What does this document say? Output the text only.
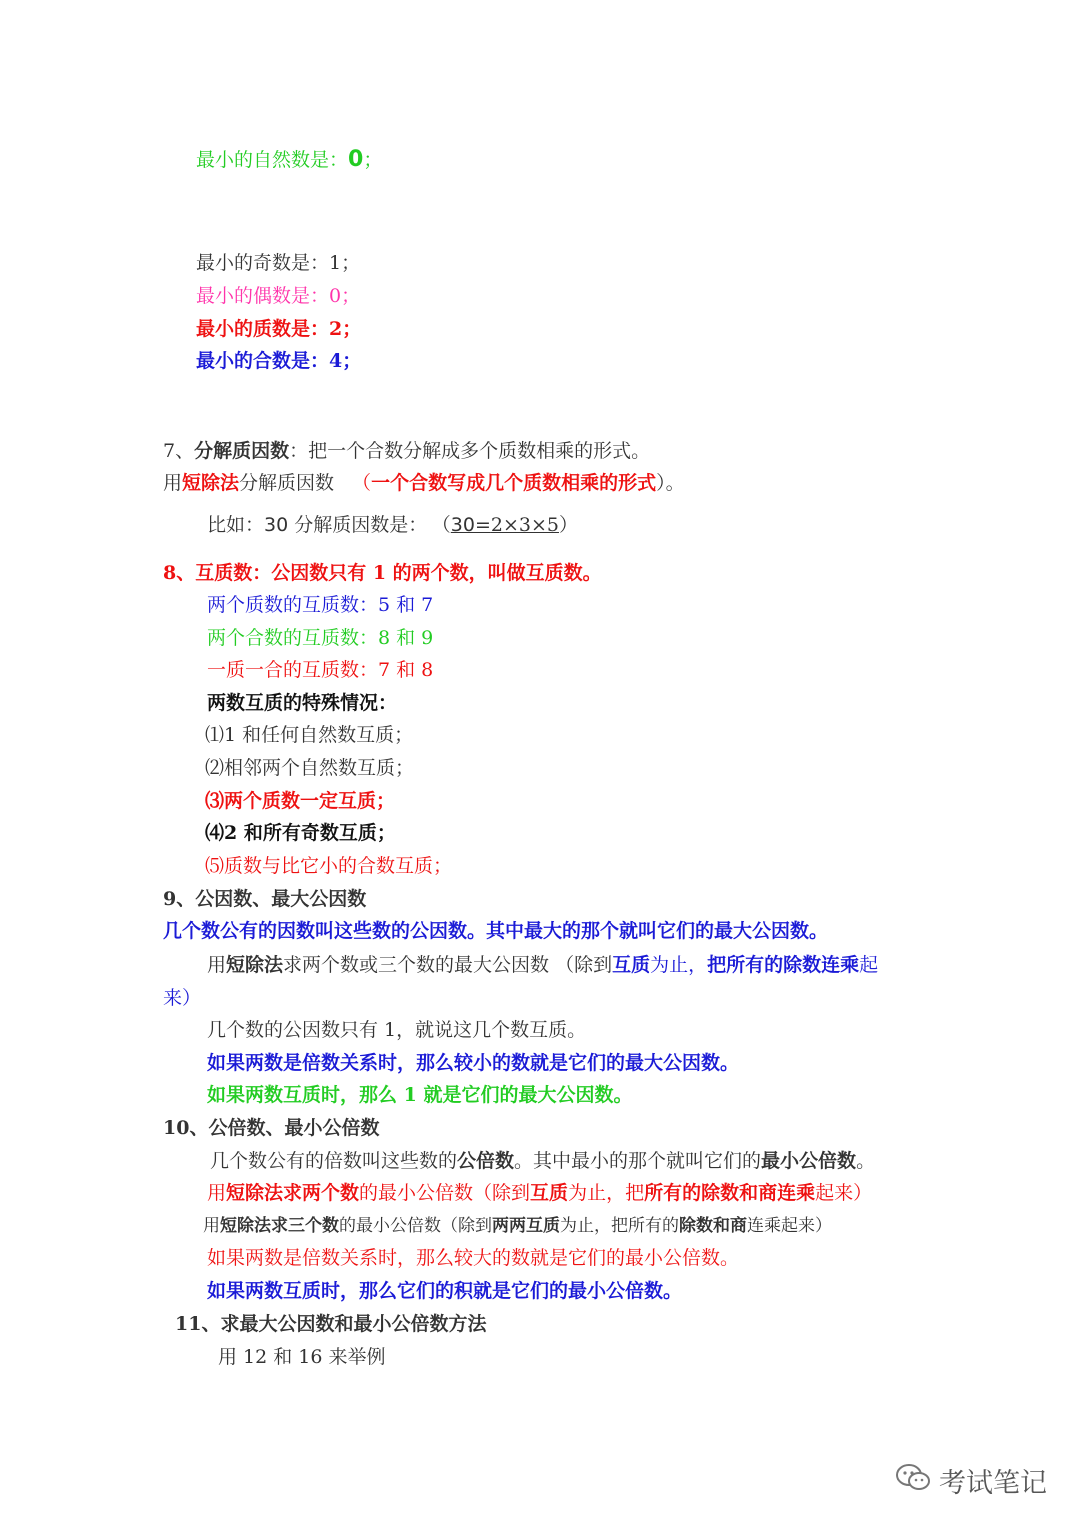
最小的自然数是：0；
最小的奇数是：1；
最小的偶数是：0；
最小的质数是：2；
最小的合数是：4；
7、分解质因数：把一个合数分解成多个质数相乘的形式。
用短除法分解质因数 （一个合数写成几个质数相乘的形式）。
比如：30 分解质因数是： （30=2×3×5）
8、互质数：公因数只有 1 的两个数，叫做互质数。
两个质数的互质数：5 和 7
两个合数的互质数：8 和 9
一质一合的互质数：7 和 8
两数互质的特殊情况：
⑴1 和任何自然数互质；
⑵相邻两个自然数互质；
⑶两个质数一定互质；
⑷2 和所有奇数互质；
⑸质数与比它小的合数互质；
9、公因数、最大公因数
几个数公有的因数叫这些数的公因数。其中最大的那个就叫它们的最大公因数。
用短除法求两个数或三个数的最大公因数 （除到互质为止，把所有的除数连乘起
来）
几个数的公因数只有 1，就说这几个数互质。
如果两数是倍数关系时，那么较小的数就是它们的最大公因数。
如果两数互质时，那么 1 就是它们的最大公因数。
10、公倍数、最小公倍数
几个数公有的倍数叫这些数的公倍数。其中最小的那个就叫它们的最小公倍数。
用短除法求两个数的最小公倍数（除到互质为止，把所有的除数和商连乘起来）
用短除法求三个数的最小公倍数（除到两两互质为止，把所有的除数和商连乘起来）
如果两数是倍数关系时，那么较大的数就是它们的最小公倍数。
如果两数互质时，那么它们的积就是它们的最小公倍数。
11、求最大公因数和最小公倍数方法
用 12 和 16 来举例
考试笔记
